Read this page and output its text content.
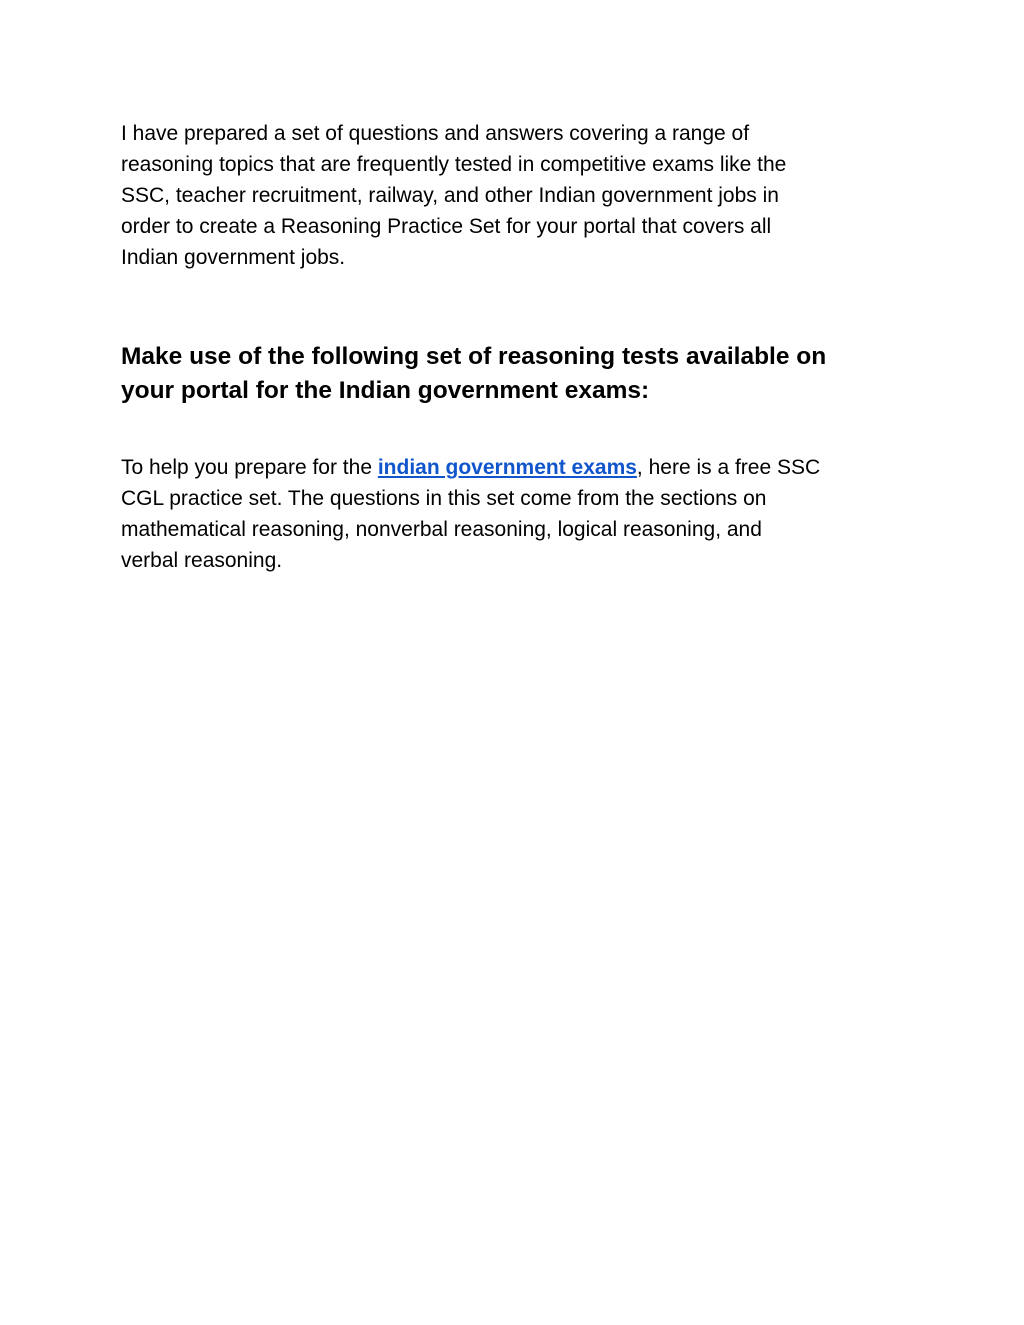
I have prepared a set of questions and answers covering a range of
reasoning topics that are frequently tested in competitive exams like the
SSC, teacher recruitment, railway, and other Indian government jobs in
order to create a Reasoning Practice Set for your portal that covers all
Indian government jobs.

Make use of the following set of reasoning tests available on
your portal for the Indian government exams:

To help you prepare for the indian government exams, here is a free SSC
CGL practice set. The questions in this set come from the sections on
mathematical reasoning, nonverbal reasoning, logical reasoning, and
verbal reasoning.
